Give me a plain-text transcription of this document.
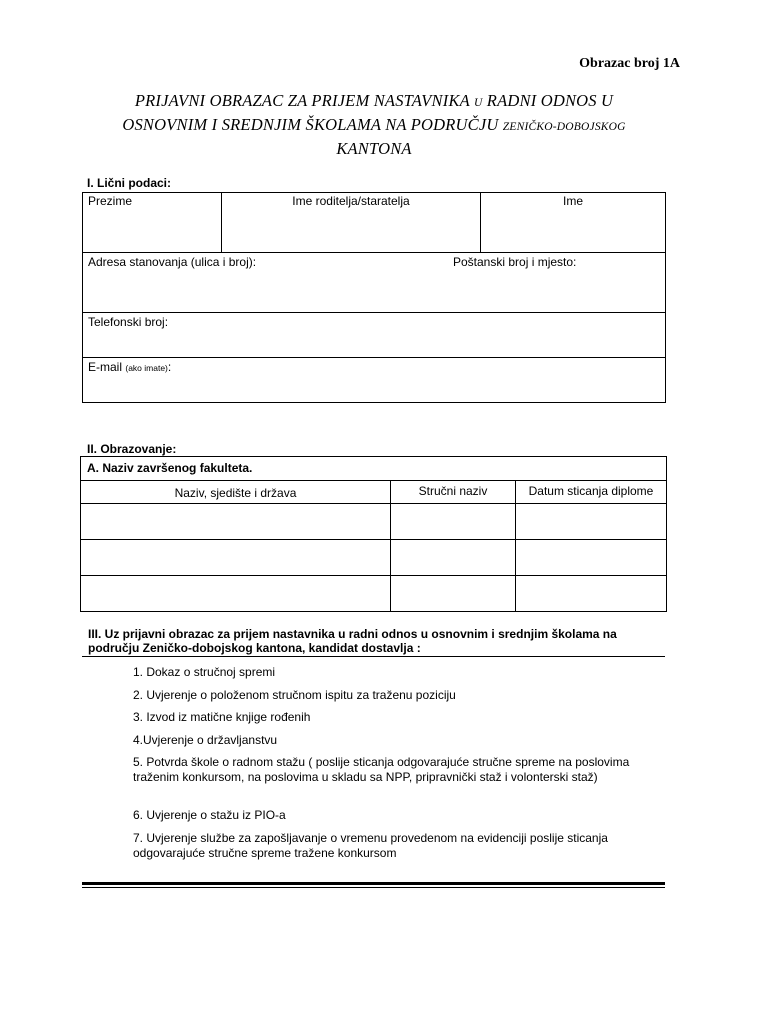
Obrazac broj 1A
PRIJAVNI OBRAZAC ZA PRIJEM NASTAVNIKA U RADNI ODNOS U
OSNOVNIM I SREDNJIM ŠKOLAMA NA PODRUČJU ZENIČKO-DOBOJSKOG
KANTONA
I. Lični podaci:
Prezime	Ime roditelja/staratelja	Ime
Adresa stanovanja (ulica i broj):	Poštanski broj i mjesto:
Telefonski broj:
E-mail (ako imate):
II. Obrazovanje:
A. Naziv završenog fakulteta.
Naziv, sjedište i država	Stručni naziv	Datum sticanja diplome
III. Uz prijavni obrazac za prijem nastavnika u radni odnos u osnovnim i srednjim školama na
području Zeničko-dobojskog kantona, kandidat dostavlja :
1. Dokaz o stručnoj spremi
2. Uvjerenje o položenom stručnom ispitu za traženu poziciju
3. Izvod iz matične knjige rođenih
4.Uvjerenje o državljanstvu
5. Potvrda škole o radnom stažu ( poslije sticanja odgovarajuće stručne spreme na poslovima traženim konkursom, na poslovima u skladu sa NPP, pripravnički staž i volonterski staž)
6. Uvjerenje o stažu iz PIO-a
7. Uvjerenje službe za zapošljavanje o vremenu provedenom na evidenciji poslije sticanja odgovarajuće stručne spreme tražene konkursom
